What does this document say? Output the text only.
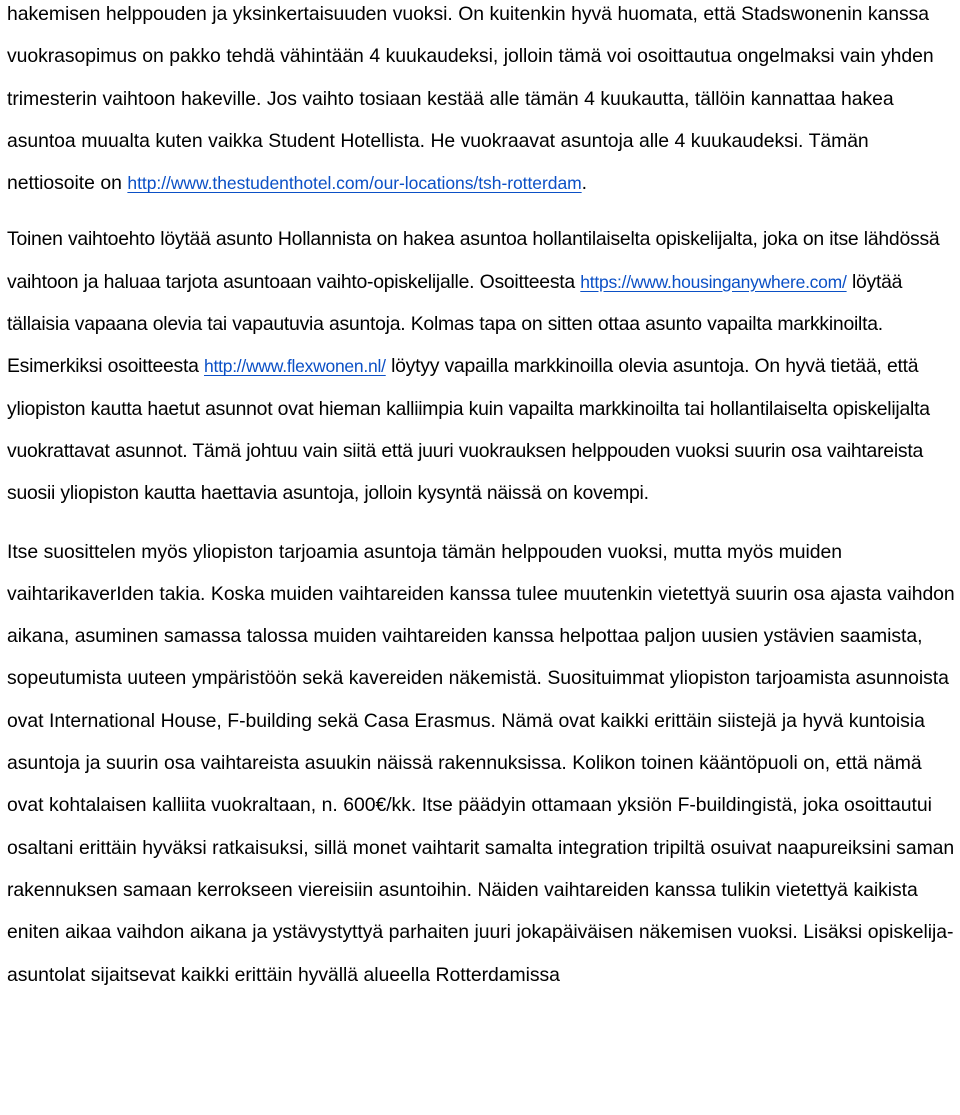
hakemisen helppouden ja yksinkertaisuuden vuoksi. On kuitenkin hyvä huomata, että Stadswonenin kanssa vuokrasopimus on pakko tehdä vähintään 4 kuukaudeksi, jolloin tämä voi osoittautua ongelmaksi vain yhden trimesterin vaihtoon hakeville. Jos vaihto tosiaan kestää alle tämän 4 kuukautta, tällöin kannattaa hakea asuntoa muualta kuten vaikka Student Hotellista. He vuokraavat asuntoja alle 4 kuukaudeksi. Tämän nettiosoite on http://www.thestudenthotel.com/our-locations/tsh-rotterdam.

Toinen vaihtoehto löytää asunto Hollannista on hakea asuntoa hollantilaiselta opiskelijalta, joka on itse lähdössä vaihtoon ja haluaa tarjota asuntoaan vaihto-opiskelijalle. Osoitteesta https://www.housinganywhere.com/ löytää tällaisia vapaana olevia tai vapautuvia asuntoja. Kolmas tapa on sitten ottaa asunto vapailta markkinoilta. Esimerkiksi osoitteesta http://www.flexwonen.nl/ löytyy vapailla markkinoilla olevia asuntoja. On hyvä tietää, että yliopiston kautta haetut asunnot ovat hieman kalliimpia kuin vapailta markkinoilta tai hollantilaiselta opiskelijalta vuokrattavat asunnot. Tämä johtuu vain siitä että juuri vuokrauksen helppouden vuoksi suurin osa vaihtareista suosii yliopiston kautta haettavia asuntoja, jolloin kysyntä näissä on kovempi.

Itse suosittelen myös yliopiston tarjoamia asuntoja tämän helppouden vuoksi, mutta myös muiden vaihtarikaverIden takia. Koska muiden vaihtareiden kanssa tulee muutenkin vietettyä suurin osa ajasta vaihdon aikana, asuminen samassa talossa muiden vaihtareiden kanssa helpottaa paljon uusien ystävien saamista, sopeutumista uuteen ympäristöön sekä kavereiden näkemistä. Suosituimmat yliopiston tarjoamista asunnoista ovat International House, F-building sekä Casa Erasmus. Nämä ovat kaikki erittäin siistejä ja hyvä kuntoisia asuntoja ja suurin osa vaihtareista asuukin näissä rakennuksissa. Kolikon toinen kääntöpuoli on, että nämä ovat kohtalaisen kalliita vuokraltaan, n. 600€/kk. Itse päädyin ottamaan yksiön F-buildingistä, joka osoittautui osaltani erittäin hyväksi ratkaisuksi, sillä monet vaihtarit samalta integration tripiltä osuivat naapureiksini saman rakennuksen samaan kerrokseen viereisiin asuntoihin. Näiden vaihtareiden kanssa tulikin vietettyä kaikista eniten aikaa vaihdon aikana ja ystävystyttyä parhaiten juuri jokapäiväisen näkemisen vuoksi. Lisäksi opiskelija-asuntolat sijaitsevat kaikki erittäin hyvällä alueella Rotterdamissa
